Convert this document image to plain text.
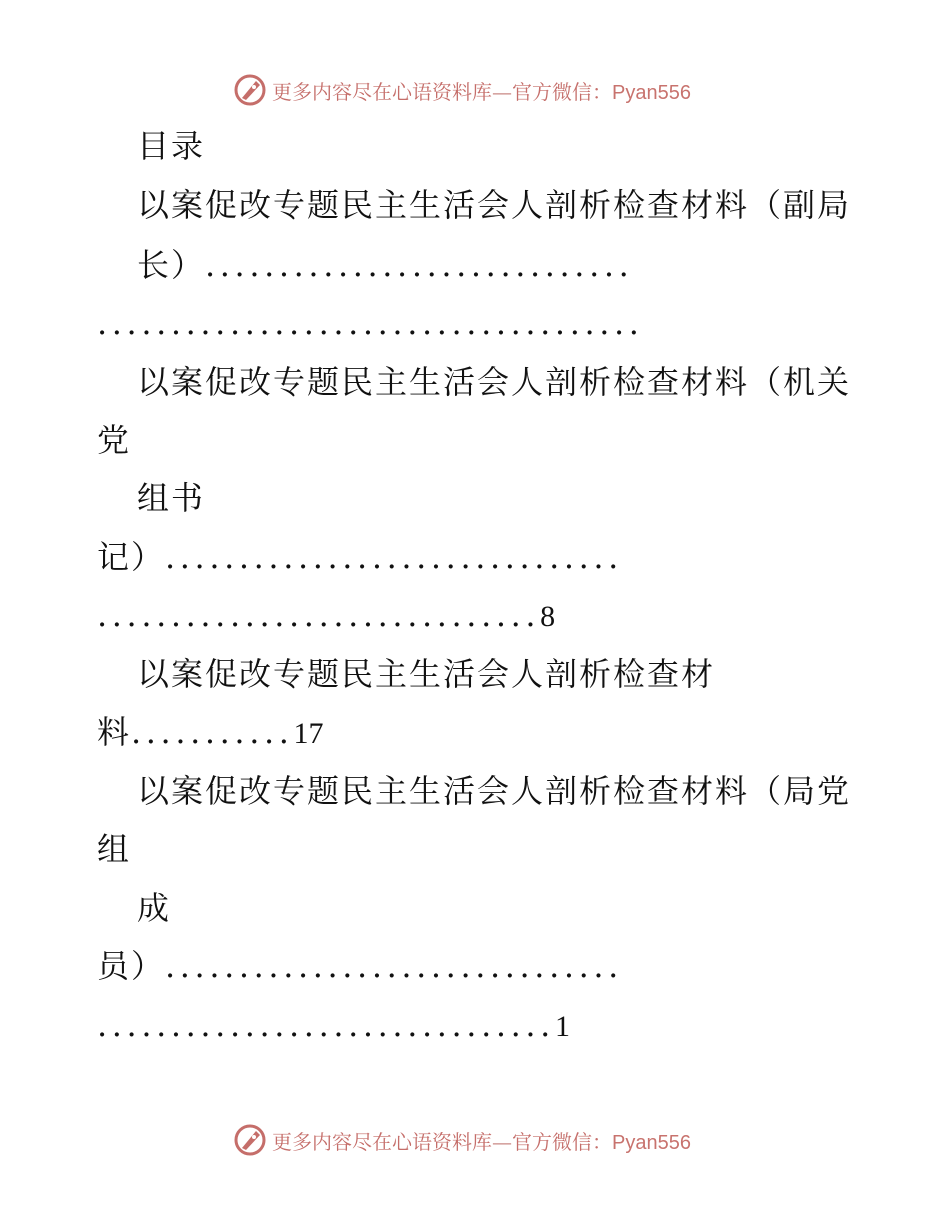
更多内容尽在心语资料库—官方微信：Pyan556
目录
以案促改专题民主生活会人剖析检查材料（副局
长）.............................
.....................................
以案促改专题民主生活会人剖析检查材料（机关
党
组书
记）...............................
..............................8
以案促改专题民主生活会人剖析检查材
料...........17
以案促改专题民主生活会人剖析检查材料（局党
组
成
员）...............................
...............................1
更多内容尽在心语资料库—官方微信：Pyan556
